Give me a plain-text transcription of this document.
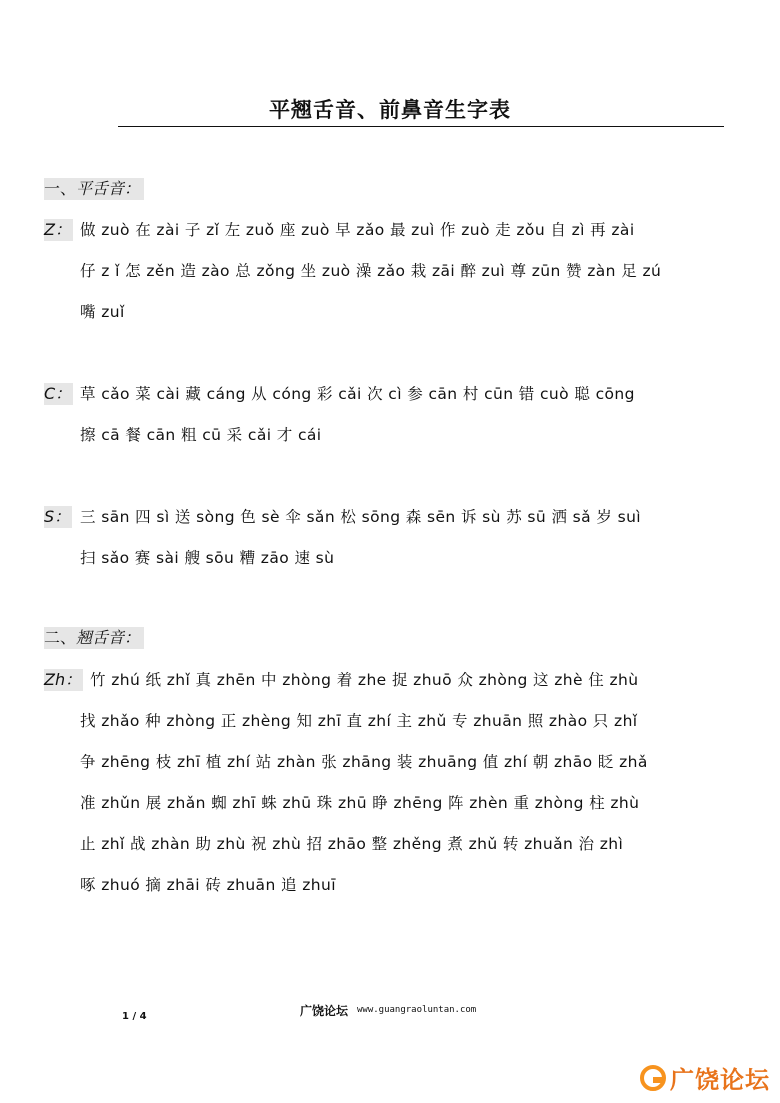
平翘舌音、前鼻音生字表
一、平舌音：
Z： 做 zuò 在 zài 子 zǐ 左 zuǒ 座 zuò 早 zǎo 最 zuì 作 zuò 走 zǒu 自 zì 再 zài
仔 z ǐ 怎 zěn 造 zào 总 zǒng 坐 zuò 澡 zǎo 栽 zāi 醉 zuì 尊 zūn 赞 zàn 足 zú
嘴 zuǐ
C： 草 cǎo 菜 cài 藏 cáng 从 cóng 彩 cǎi 次 cì 参 cān 村 cūn 错 cuò 聪 cōng
擦 cā 餐 cān 粗 cū 采 cǎi 才 cái
S： 三 sān 四 sì 送 sòng 色 sè 伞 sǎn 松 sōng 森 sēn 诉 sù 苏 sū 洒 sǎ 岁 suì
扫 sǎo 赛 sài 艘 sōu 糟 zāo 速 sù
二、翘舌音：
Zh： 竹 zhú 纸 zhǐ 真 zhēn 中 zhòng 着 zhe 捉 zhuō 众 zhòng 这 zhè 住 zhù
找 zhǎo 种 zhòng 正 zhèng 知 zhī 直 zhí 主 zhǔ 专 zhuān 照 zhào 只 zhǐ
争 zhēng 枝 zhī 植 zhí 站 zhàn 张 zhāng 装 zhuāng 值 zhí 朝 zhāo 眨 zhǎ
准 zhǔn 展 zhǎn 蜘 zhī 蛛 zhū 珠 zhū 睁 zhēng 阵 zhèn 重 zhòng 柱 zhù
止 zhǐ 战 zhàn 助 zhù 祝 zhù 招 zhāo 整 zhěng 煮 zhǔ 转 zhuǎn 治 zhì
啄 zhuó 摘 zhāi 砖 zhuān 追 zhuī
广饶论坛 www.guangraoluntan.com
1 / 4
广饶论坛
